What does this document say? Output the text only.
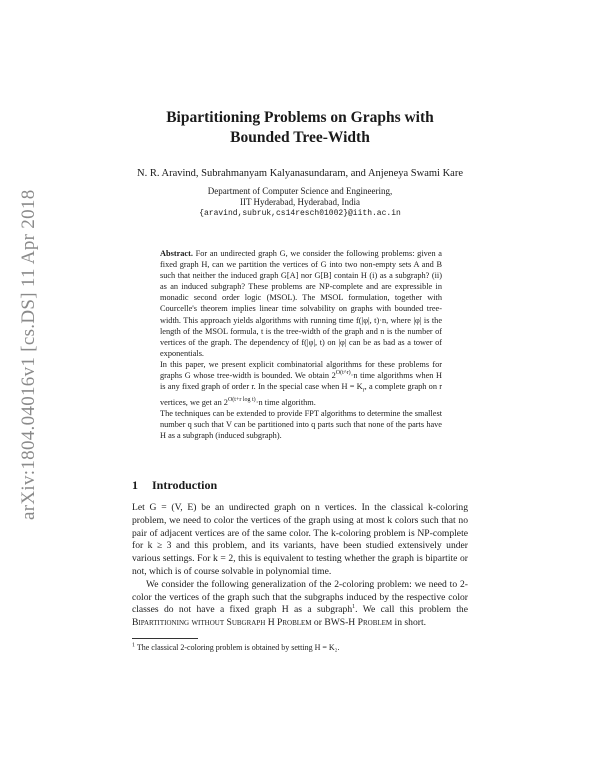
arXiv:1804.04016v1 [cs.DS] 11 Apr 2018
Bipartitioning Problems on Graphs with
Bounded Tree-Width
N. R. Aravind, Subrahmanyam Kalyanasundaram, and Anjeneya Swami Kare
Department of Computer Science and Engineering,
IIT Hyderabad, Hyderabad, India
{aravind,subruk,cs14resch01002}@iith.ac.in

Abstract. For an undirected graph G, we consider the following problems: given a fixed graph H, can we partition the vertices of G into two non-empty sets A and B such that neither the induced graph G[A] nor G[B] contain H (i) as a subgraph? (ii) as an induced subgraph? These problems are NP-complete and are expressible in monadic second order logic (MSOL). The MSOL formulation, together with Courcelle's theorem implies linear time solvability on graphs with bounded tree-width. This approach yields algorithms with running time f(|φ|, t)·n, where |φ| is the length of the MSOL formula, t is the tree-width of the graph and n is the number of vertices of the graph. The dependency of f(|φ|, t) on |φ| can be as bad as a tower of exponentials.

In this paper, we present explicit combinatorial algorithms for these problems for graphs G whose tree-width is bounded. We obtain $2^{O(t\^{}r)}\cdot n$ time algorithms when H is any fixed graph of order r. In the special case when $H = K_r$, a complete graph on r vertices, we get an $2^{O(t+r log t)}\cdot n$ time algorithm.

The techniques can be extended to provide FPT algorithms to determine the smallest number q such that V can be partitioned into q parts such that none of the parts have H as a subgraph (induced subgraph).

1 Introduction

Let G = (V, E) be an undirected graph on n vertices. In the classical k-coloring problem, we need to color the vertices of the graph using at most k colors such that no pair of adjacent vertices are of the same color. The k-coloring problem is NP-complete for k ≥ 3 and this problem, and its variants, have been studied extensively under various settings. For k = 2, this is equivalent to testing whether the graph is bipartite or not, which is of course solvable in polynomial time.

We consider the following generalization of the 2-coloring problem: we need to 2-color the vertices of the graph such that the subgraphs induced by the respective color classes do not have a fixed graph H as a subgraph$^1$. We call this problem the Bipartitioning without Subgraph H Problem or BWS-H Problem in short.

$^1$ The classical 2-coloring problem is obtained by setting H = K₂.
